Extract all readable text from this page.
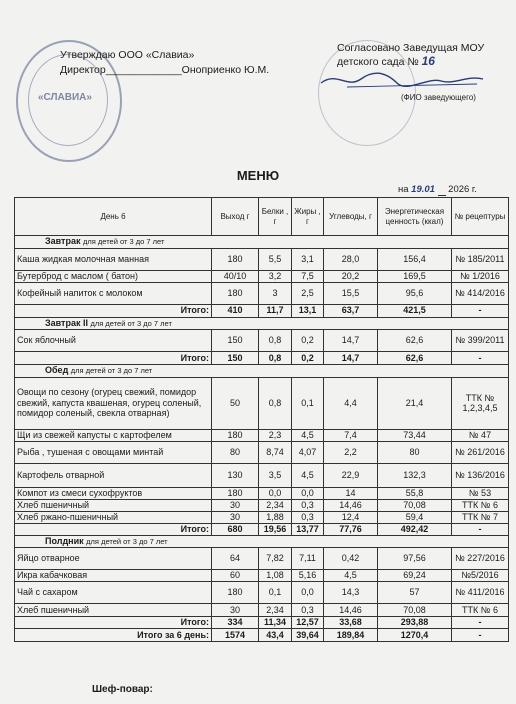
«СЛАВИА»
Утверждаю ООО «Славиа»
Директор_____________Оноприенко Ю.М.
Согласовано Заведущая МОУ
детского сада № 16
(ФИО заведующего)
МЕНЮ
на 19.01 2026 г.
День 6	Выход г	Белки , г	Жиры , г	Углеводы, г	Энергетическая ценность (ккал)	№ рецептуры
Завтрак для детей от 3 до 7 лет						
Каша жидкая молочная манная	180	5,5	3,1	28,0	156,4	№ 185/2011
Бутерброд с маслом ( батон)	40/10	3,2	7,5	20,2	169,5	№ 1/2016
Кофейный напиток с молоком	180	3	2,5	15,5	95,6	№ 414/2016
Итого:	410	11,7	13,1	63,7	421,5	-
Завтрак II для детей от 3 до 7 лет						
Сок яблочный	150	0,8	0,2	14,7	62,6	№ 399/2011
Итого:	150	0,8	0,2	14,7	62,6	-
Обед для детей от 3 до 7 лет						
Овощи по сезону (огурец свежий, помидор свежий, капуста квашеная, огурец соленый, помидор соленый, свекла отварная)	50	0,8	0,1	4,4	21,4	ТТК № 1,2,3,4,5
Щи из свежей капусты с картофелем	180	2,3	4,5	7,4	73,44	№ 47
Рыба , тушеная с овощами минтай	80	8,74	4,07	2,2	80	№ 261/2016
Картофель отварной	130	3,5	4,5	22,9	132,3	№ 136/2016
Компот из смеси сухофруктов	180	0,0	0,0	14	55,8	№ 53
Хлеб пшеничный	30	2,34	0,3	14,46	70,08	ТТК № 6
Хлеб ржано-пшеничный	30	1,88	0,3	12,4	59,4	ТТК № 7
Итого:	680	19,56	13,77	77,76	492,42	-
Полдник для детей от 3 до 7 лет						
Яйцо отварное	64	7,82	7,11	0,42	97,56	№ 227/2016
Икра кабачковая	60	1,08	5,16	4,5	69,24	№5/2016
Чай с сахаром	180	0,1	0,0	14,3	57	№ 411/2016
Хлеб пшеничный	30	2,34	0,3	14,46	70,08	ТТК № 6
Итого:	334	11,34	12,57	33,68	293,88	-
Итого за 6 день:	1574	43,4	39,64	189,84	1270,4	-
Шеф-повар:
